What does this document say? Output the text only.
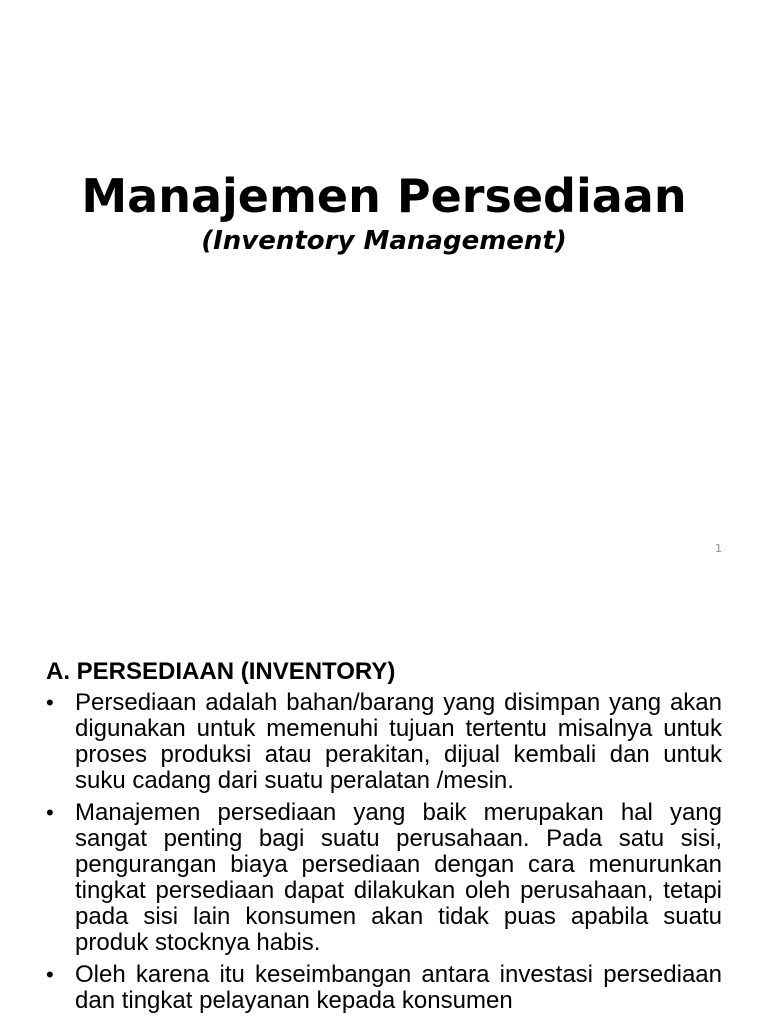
Manajemen Persediaan

(Inventory Management)

1
A. PERSEDIAAN (INVENTORY)
• Persediaan adalah bahan/barang yang disimpan yang akan digunakan untuk memenuhi tujuan tertentu misalnya untuk proses produksi atau perakitan, dijual kembali dan untuk suku cadang dari suatu peralatan /mesin.
• Manajemen persediaan yang baik merupakan hal yang sangat penting bagi suatu perusahaan. Pada satu sisi, pengurangan biaya persediaan dengan cara menurunkan tingkat persediaan dapat dilakukan oleh perusahaan, tetapi pada sisi lain konsumen akan tidak puas apabila suatu produk stocknya habis.
• Oleh karena itu keseimbangan antara investasi persediaan dan tingkat pelayanan kepada konsumen
